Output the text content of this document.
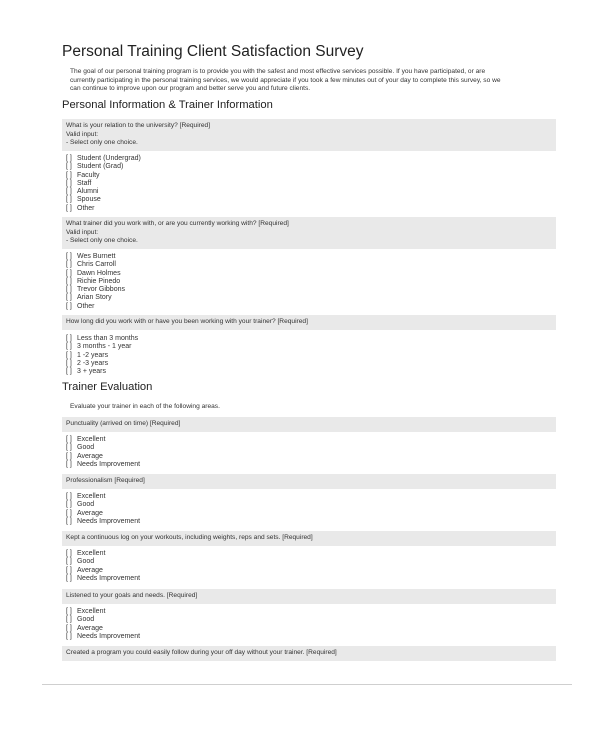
Personal Training Client Satisfaction Survey
The goal of our personal training program is to provide you with the safest and most effective services possible. If you have participated, or are
currently participating in the personal training services, we would appreciate if you took a few minutes out of your day to complete this survey, so we
can continue to improve upon our program and better serve you and future clients.
Personal Information & Trainer Information
What is your relation to the university? [Required]
Valid input:
- Select only one choice.
[ ] Student (Undergrad)
[ ] Student (Grad)
[ ] Faculty
[ ] Staff
[ ] Alumni
[ ] Spouse
[ ] Other
What trainer did you work with, or are you currently working with? [Required]
Valid input:
- Select only one choice.
[ ] Wes Burnett
[ ] Chris Carroll
[ ] Dawn Holmes
[ ] Richie Pinedo
[ ] Trevor Gibbons
[ ] Arian Story
[ ] Other
How long did you work with or have you been working with your trainer? [Required]
[ ] Less than 3 months
[ ] 3 months - 1 year
[ ] 1 -2 years
[ ] 2 -3 years
[ ] 3 + years
Trainer Evaluation
Evaluate your trainer in each of the following areas.
Punctuality (arrived on time) [Required]
[ ] Excellent
[ ] Good
[ ] Average
[ ] Needs Improvement
Professionalism [Required]
[ ] Excellent
[ ] Good
[ ] Average
[ ] Needs Improvement
Kept a continuous log on your workouts, including weights, reps and sets. [Required]
[ ] Excellent
[ ] Good
[ ] Average
[ ] Needs Improvement
Listened to your goals and needs. [Required]
[ ] Excellent
[ ] Good
[ ] Average
[ ] Needs Improvement
Created a program you could easily follow during your off day without your trainer. [Required]
